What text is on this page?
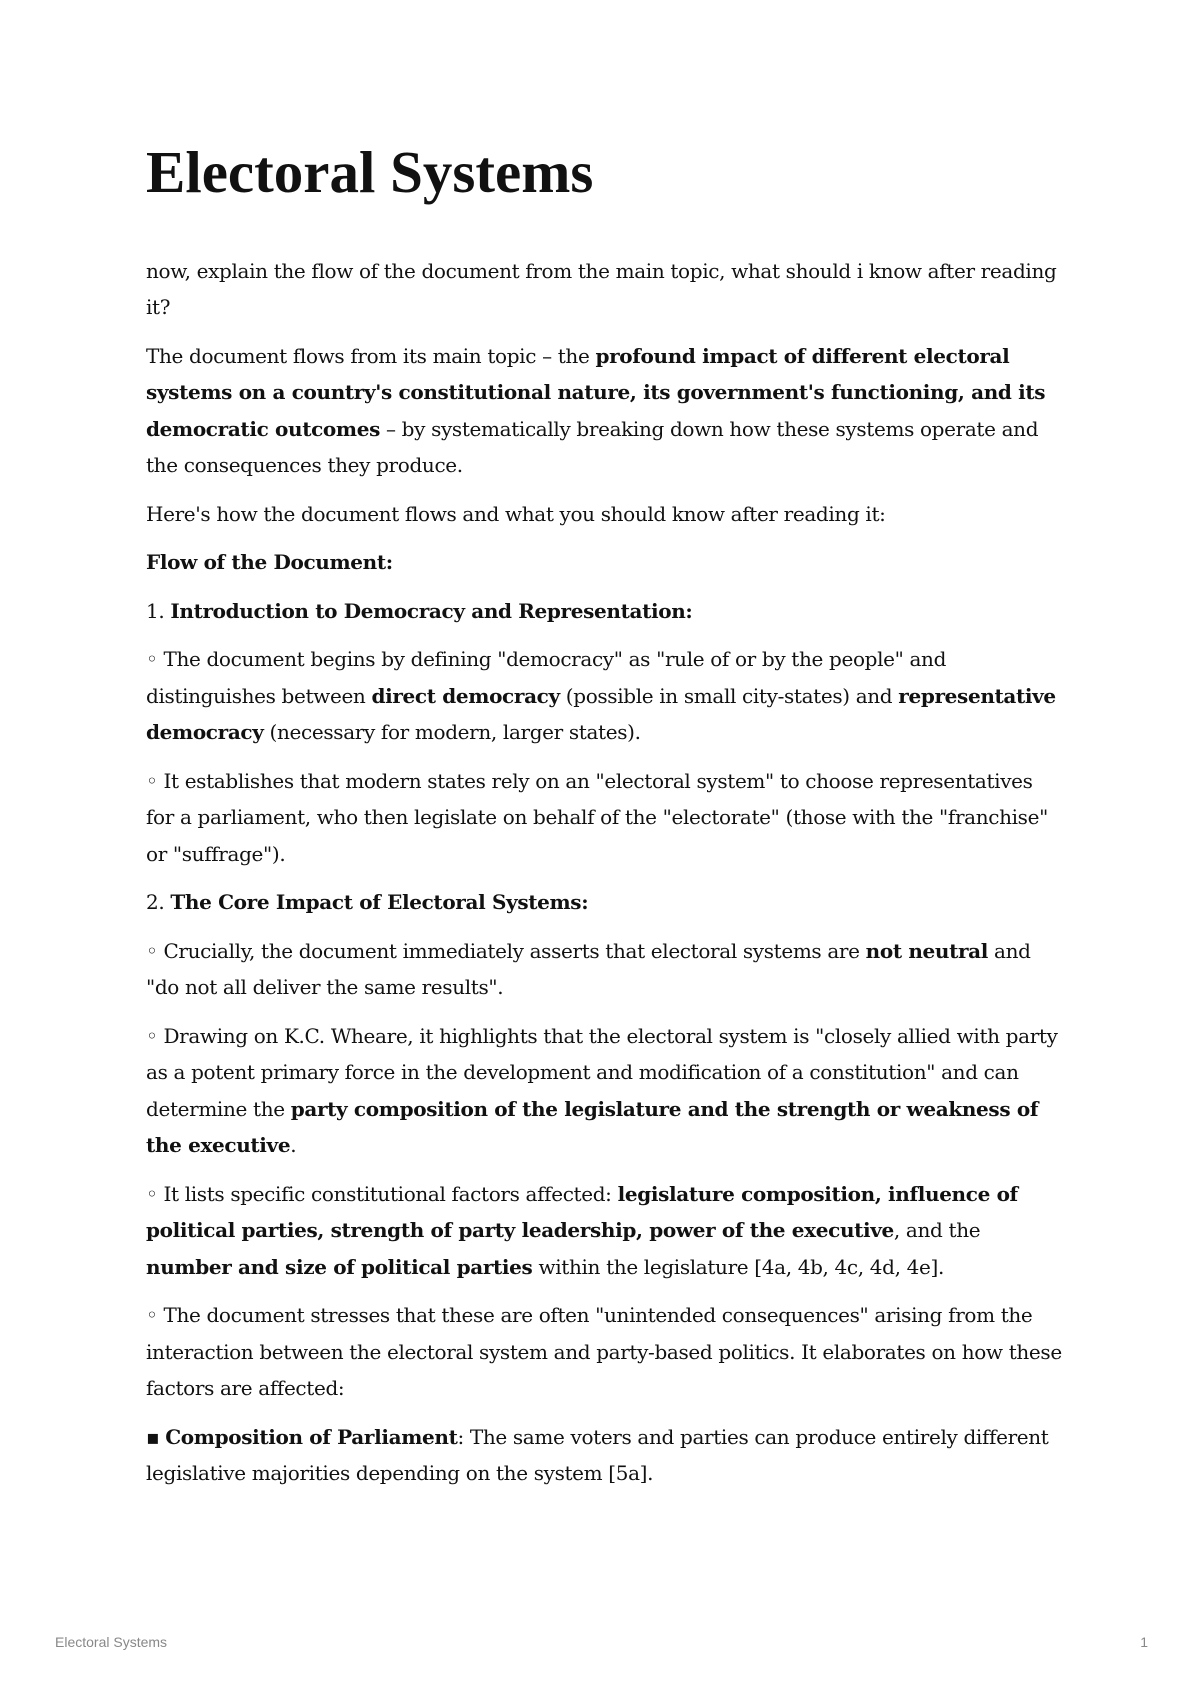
Electoral Systems

now, explain the flow of the document from the main topic, what should i know after reading it?

The document flows from its main topic – the profound impact of different electoral systems on a country's constitutional nature, its government's functioning, and its democratic outcomes – by systematically breaking down how these systems operate and the consequences they produce.

Here's how the document flows and what you should know after reading it:

Flow of the Document:

1. Introduction to Democracy and Representation:

◦ The document begins by defining "democracy" as "rule of or by the people" and distinguishes between direct democracy (possible in small city-states) and representative democracy (necessary for modern, larger states).

◦ It establishes that modern states rely on an "electoral system" to choose representatives for a parliament, who then legislate on behalf of the "electorate" (those with the "franchise" or "suffrage").

2. The Core Impact of Electoral Systems:

◦ Crucially, the document immediately asserts that electoral systems are not neutral and "do not all deliver the same results".

◦ Drawing on K.C. Wheare, it highlights that the electoral system is "closely allied with party as a potent primary force in the development and modification of a constitution" and can determine the party composition of the legislature and the strength or weakness of the executive.

◦ It lists specific constitutional factors affected: legislature composition, influence of political parties, strength of party leadership, power of the executive, and the number and size of political parties within the legislature [4a, 4b, 4c, 4d, 4e].

◦ The document stresses that these are often "unintended consequences" arising from the interaction between the electoral system and party-based politics. It elaborates on how these factors are affected:

▪ Composition of Parliament: The same voters and parties can produce entirely different legislative majorities depending on the system [5a].

Electoral Systems	1
